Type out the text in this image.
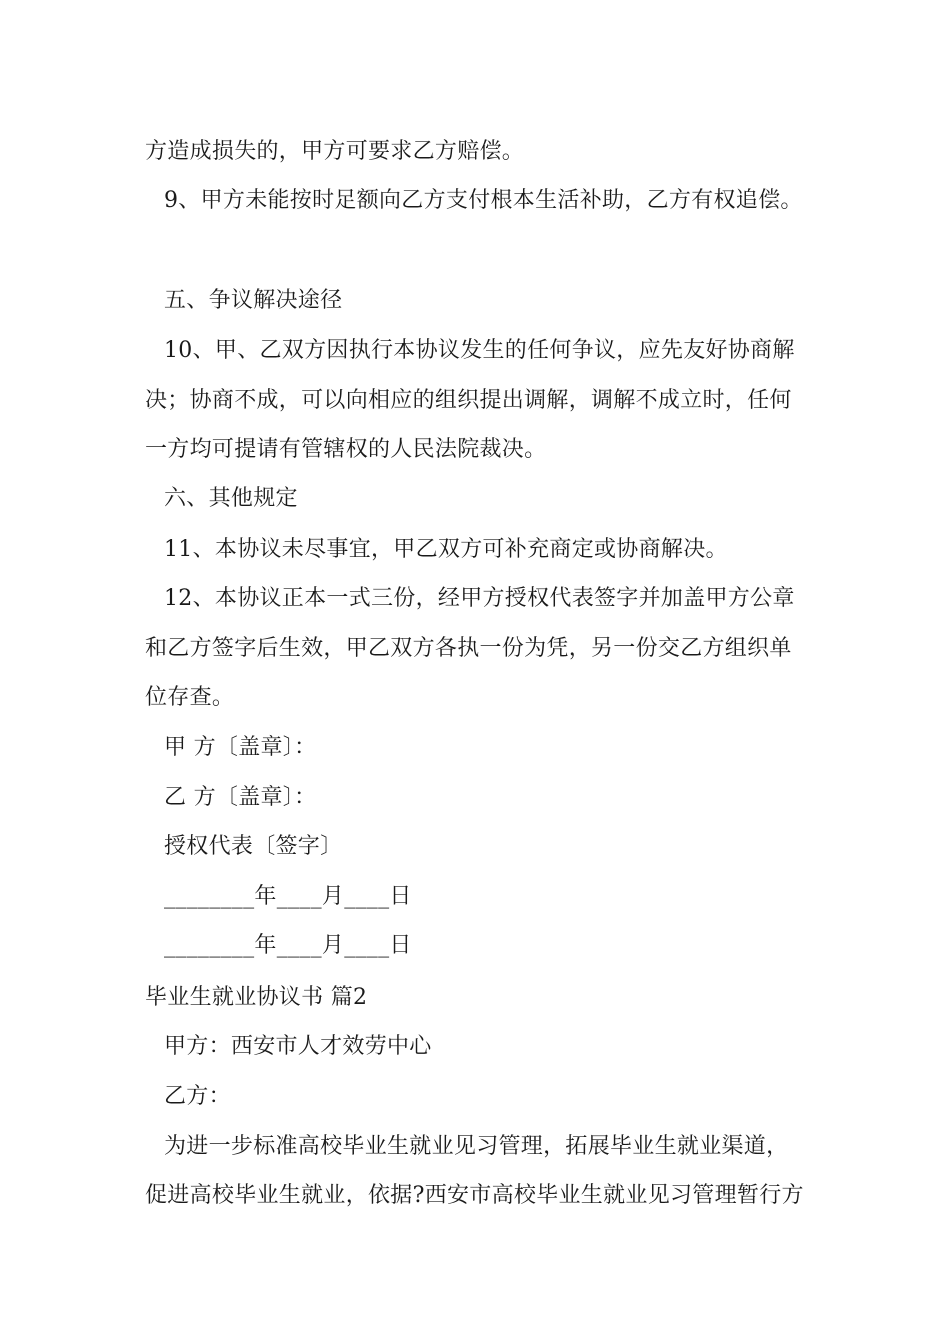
方造成损失的，甲方可要求乙方赔偿。
9、甲方未能按时足额向乙方支付根本生活补助，乙方有权追偿。
五、争议解决途径
10、甲、乙双方因执行本协议发生的任何争议，应先友好协商解
决；协商不成，可以向相应的组织提出调解，调解不成立时，任何
一方均可提请有管辖权的人民法院裁决。
六、其他规定
11、本协议未尽事宜，甲乙双方可补充商定或协商解决。
12、本协议正本一式三份，经甲方授权代表签字并加盖甲方公章
和乙方签字后生效，甲乙双方各执一份为凭，另一份交乙方组织单
位存查。
甲 方〔盖章〕：
乙 方〔盖章〕：
授权代表〔签字〕
________年____月____日
________年____月____日
毕业生就业协议书 篇2
甲方：西安市人才效劳中心
乙方：
为进一步标准高校毕业生就业见习管理，拓展毕业生就业渠道，
促进高校毕业生就业，依据?西安市高校毕业生就业见习管理暂行方
